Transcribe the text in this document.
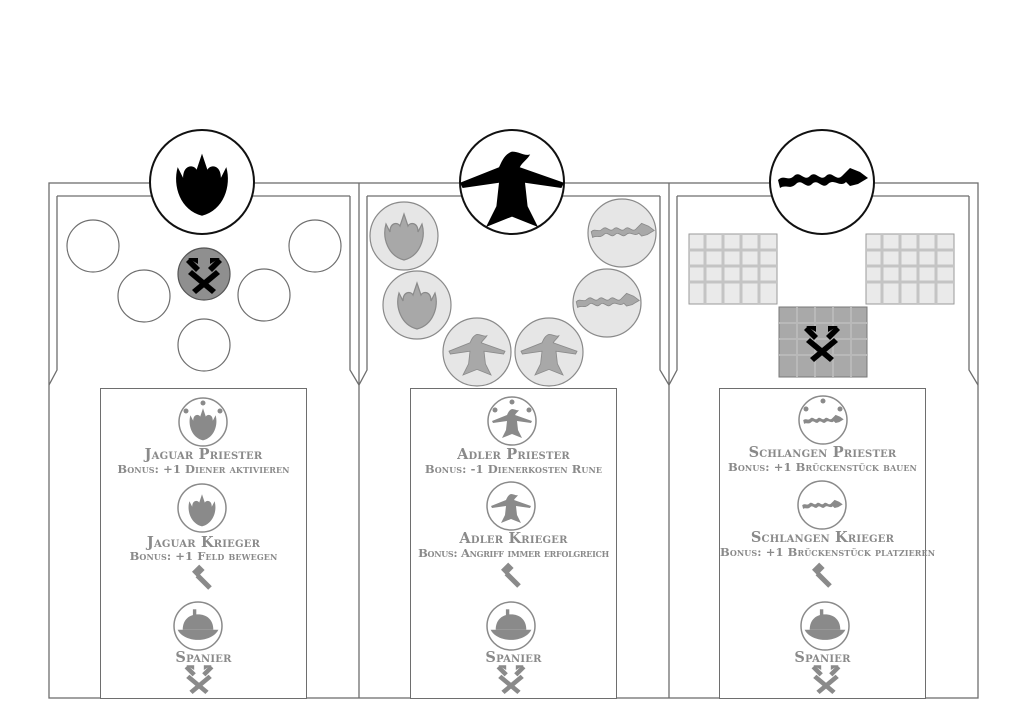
Jaguar Priester
Bonus: +1 Diener aktivieren
Jaguar Krieger
Bonus: +1 Feld bewegen
Spanier
Adler Priester
Bonus: -1 Dienerkosten Rune
Adler Krieger
Bonus: Angriff immer erfolgreich
Spanier
Schlangen Priester
Bonus: +1 Brückenstück bauen
Schlangen Krieger
Bonus: +1 Brückenstück platzieren
Spanier
